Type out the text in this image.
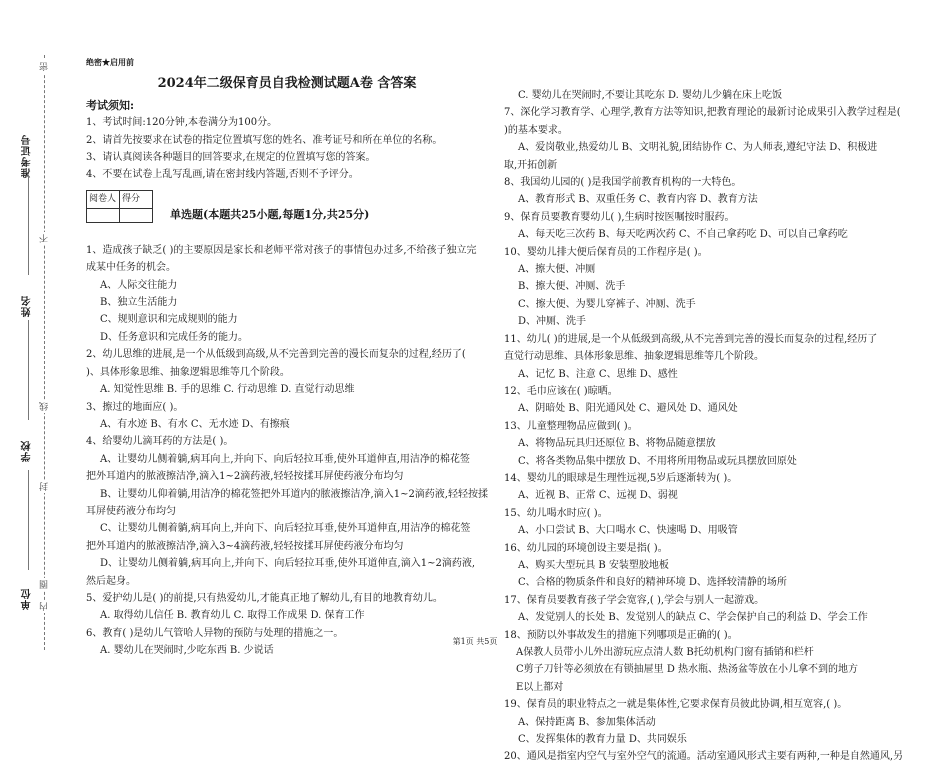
准考证号
姓名
学校
单位
密
不
线
封
圈
内
绝密★启用前
2024年二级保育员自我检测试题A卷 含答案
考试须知:
1、考试时间:120分钟,本卷满分为100分。
2、请首先按要求在试卷的指定位置填写您的姓名、准考证号和所在单位的名称。
3、请认真阅读各种题目的回答要求,在规定的位置填写您的答案。
4、不要在试卷上乱写乱画,请在密封线内答题,否则不予评分。
阅卷人	得分

单选题(本题共25小题,每题1分,共25分)
1、造成孩子缺乏( )的主要原因是家长和老师平常对孩子的事情包办过多,不给孩子独立完
成某中任务的机会。
A、人际交往能力
B、独立生活能力
C、规则意识和完成规则的能力
D、任务意识和完成任务的能力。
2、幼儿思维的进展,是一个从低级到高级,从不完善到完善的漫长而复杂的过程,经历了(
)、具体形象思维、抽象逻辑思维等几个阶段。
A. 知觉性思维 B. 手的思维 C. 行动思维 D. 直觉行动思维
3、擦过的地面应( )。
A、有水迹 B、有水 C、无水迹 D、有擦痕
4、给婴幼儿滴耳药的方法是( )。
A、让婴幼儿侧着躺,病耳向上,并向下、向后轻拉耳垂,使外耳道伸直,用洁净的棉花签
把外耳道内的脓液擦洁净,滴入1~2滴药液,轻轻按揉耳屏使药液分布均匀
B、让婴幼儿仰着躺,用洁净的棉花签把外耳道内的脓液擦洁净,滴入1~2滴药液,轻轻按揉
耳屏使药液分布均匀
C、让婴幼儿侧着躺,病耳向上,并向下、向后轻拉耳垂,使外耳道伸直,用洁净的棉花签
把外耳道内的脓液擦洁净,滴入3~4滴药液,轻轻按揉耳屏使药液分布均匀
D、让婴幼儿侧着躺,病耳向上,并向下、向后轻拉耳垂,使外耳道伸直,滴入1~2滴药液,
然后起身。
5、爱护幼儿是( )的前提,只有热爱幼儿,才能真正地了解幼儿,有目的地教育幼儿。
A. 取得幼儿信任 B. 教育幼儿 C. 取得工作成果 D. 保育工作
6、教育( )是幼儿气管哈人异物的预防与处理的措施之一。
A. 婴幼儿在哭闹时,少吃东西 B. 少说话
C. 婴幼儿在哭闹时,不要让其吃东 D. 婴幼儿少躺在床上吃饭
7、深化学习教育学、心理学,教育方法等知识,把教育理论的最新讨论成果引入教学过程是(
)的基本要求。
A、爱岗敬业,热爱幼儿 B、文明礼貌,团结协作 C、为人师表,遵纪守法 D、积极进
取,开拓创新
8、我国幼儿园的( )是我国学前教育机构的一大特色。
A、教育形式 B、双重任务 C、教育内容 D、教育方法
9、保育员要教育婴幼儿( ),生病时按医嘱按时服药。
A、每天吃三次药 B、每天吃两次药 C、不自己拿药吃 D、可以自己拿药吃
10、婴幼儿排大便后保育员的工作程序是( )。
A、擦大便、冲厕
B、擦大便、冲厕、洗手
C、擦大便、为婴儿穿裤子、冲厕、洗手
D、冲厕、洗手
11、幼儿( )的进展,是一个从低级到高级,从不完善到完善的漫长而复杂的过程,经历了
直觉行动思维、具体形象思维、抽象逻辑思维等几个阶段。
A、记忆 B、注意 C、思维 D、感性
12、毛巾应该在( )晾晒。
A、阴暗处 B、阳光通风处 C、避风处 D、通风处
13、儿童整理物品应做到( )。
A、将物品玩具归还原位 B、将物品随意摆放
C、将各类物品集中摆放 D、不用将所用物品或玩具摆放回原处
14、婴幼儿的眼球是生理性远视,5岁后逐渐转为( )。
A、近视 B、正常 C、远视 D、弱视
15、幼儿喝水时应( )。
A、小口尝试 B、大口喝水 C、快速喝 D、用吸管
16、幼儿园的环境创设主要是指( )。
A、购买大型玩具 B 安装塑胶地板
C、合格的物质条件和良好的精神环境 D、选择较清静的场所
17、保育员要教育孩子学会宽容,( ),学会与别人一起游戏。
A、发觉别人的长处 B、发觉别人的缺点 C、学会保护自己的利益 D、学会工作
18、预防以外事故发生的措施下列哪项是正确的( )。
A保教人员带小儿外出游玩应点清人数 B托幼机构门窗有插销和栏杆
C剪子刀针等必须放在有锁抽屉里 D 热水瓶、热汤盆等放在小儿拿不到的地方
E以上都对
19、保育员的职业特点之一就是集体性,它要求保育员彼此协调,相互宽容,( )。
A、保持距离 B、参加集体活动
C、发挥集体的教育力量 D、共同娱乐
20、通风是指室内空气与室外空气的流通。活动室通风形式主要有两种,一种是自然通风,另
第1页 共5页
